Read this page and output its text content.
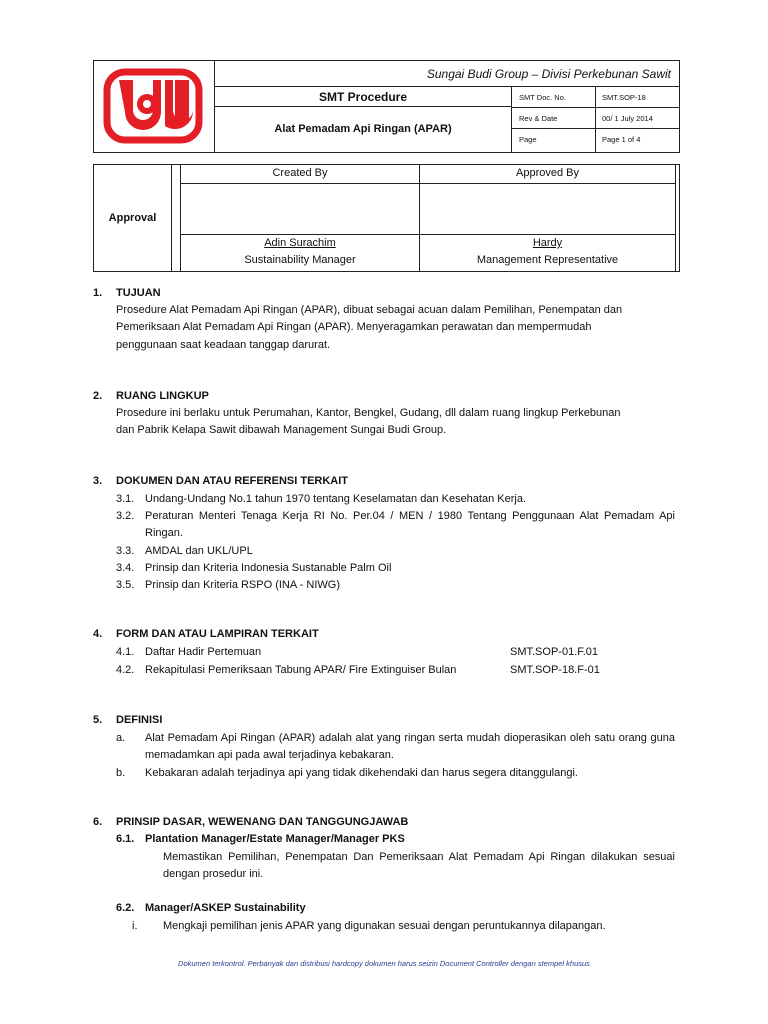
Sungai Budi Group – Divisi Perkebunan Sawit
SMT Procedure
Alat Pemadam Api Ringan (APAR)
SMT Doc. No.	SMT.SOP-18
Rev & Date	00/ 1 July 2014
Page	Page 1 of 4
Approval
Created By
Adin Surachim
Sustainability Manager
Approved By
Hardy
Management Representative
1. TUJUAN
Prosedure Alat Pemadam Api Ringan (APAR), dibuat sebagai acuan dalam Pemilihan, Penempatan dan
Pemeriksaan Alat Pemadam Api Ringan (APAR). Menyeragamkan perawatan dan mempermudah
penggunaan saat keadaan tanggap darurat.
2. RUANG LINGKUP
Prosedure ini berlaku untuk Perumahan, Kantor, Bengkel, Gudang, dll dalam ruang lingkup Perkebunan
dan Pabrik Kelapa Sawit dibawah Management Sungai Budi Group.
3. DOKUMEN DAN ATAU REFERENSI TERKAIT
3.1. Undang-Undang No.1 tahun 1970 tentang Keselamatan dan Kesehatan Kerja.
3.2. Peraturan Menteri Tenaga Kerja RI No. Per.04 / MEN / 1980 Tentang Penggunaan Alat Pemadam Api Ringan.
3.3. AMDAL dan UKL/UPL
3.4. Prinsip dan Kriteria Indonesia Sustanable Palm Oil
3.5. Prinsip dan Kriteria RSPO (INA - NIWG)
4. FORM DAN ATAU LAMPIRAN TERKAIT
4.1. Daftar Hadir Pertemuan	SMT.SOP-01.F.01
4.2. Rekapitulasi Pemeriksaan Tabung APAR/ Fire Extinguiser Bulan	SMT.SOP-18.F-01
5. DEFINISI
a. Alat Pemadam Api Ringan (APAR) adalah alat yang ringan serta mudah dioperasikan oleh satu orang guna memadamkan api pada awal terjadinya kebakaran.
b. Kebakaran adalah terjadinya api yang tidak dikehendaki dan harus segera ditanggulangi.
6. PRINSIP DASAR, WEWENANG DAN TANGGUNGJAWAB
6.1. Plantation Manager/Estate Manager/Manager PKS
Memastikan Pemilihan, Penempatan Dan Pemeriksaan Alat Pemadam Api Ringan dilakukan sesuai dengan prosedur ini.
6.2. Manager/ASKEP Sustainability
i. Mengkaji pemilihan jenis APAR yang digunakan sesuai dengan peruntukannya dilapangan.
Dokumen terkontrol. Perbanyak dan distribusi hardcopy dokumen harus seizin Document Controller dengan stempel khusus
